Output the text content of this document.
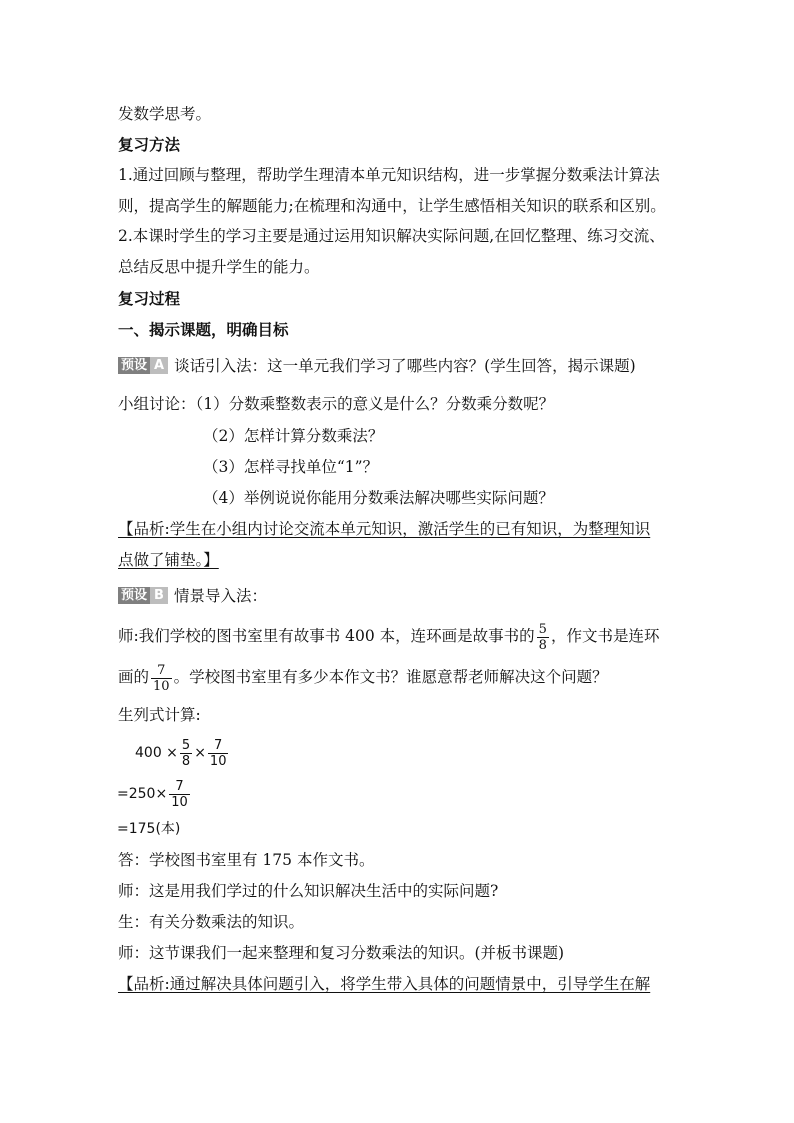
发数学思考。
复习方法
1.通过回顾与整理，帮助学生理清本单元知识结构，进一步掌握分数乘法计算法
则，提高学生的解题能力;在梳理和沟通中，让学生感悟相关知识的联系和区别。
2.本课时学生的学习主要是通过运用知识解决实际问题,在回忆整理、练习交流、
总结反思中提升学生的能力。
复习过程
一、揭示课题，明确目标
预设 A 谈话引入法：这一单元我们学习了哪些内容？(学生回答，揭示课题)
小组讨论：（1）分数乘整数表示的意义是什么？分数乘分数呢？
（2）怎样计算分数乘法？
（3）怎样寻找单位“1”？
（4）举例说说你能用分数乘法解决哪些实际问题？
【品析:学生在小组内讨论交流本单元知识，激活学生的已有知识，为整理知识
点做了铺垫。】
预设 B 情景导入法：
师:我们学校的图书室里有故事书 400 本，连环画是故事书的 $\frac{5}{8}$ ，作文书是连环
画的 $\frac{7}{10}$ 。学校图书室里有多少本作文书？谁愿意帮老师解决这个问题？
生列式计算:
$400 \times \frac{5}{8} \times \frac{7}{10}$
$=250\times \frac{7}{10}$
=175(本)
答：学校图书室里有 175 本作文书。
师：这是用我们学过的什么知识解决生活中的实际问题?
生：有关分数乘法的知识。
师：这节课我们一起来整理和复习分数乘法的知识。(并板书课题)
【品析:通过解决具体问题引入，将学生带入具体的问题情景中，引导学生在解
